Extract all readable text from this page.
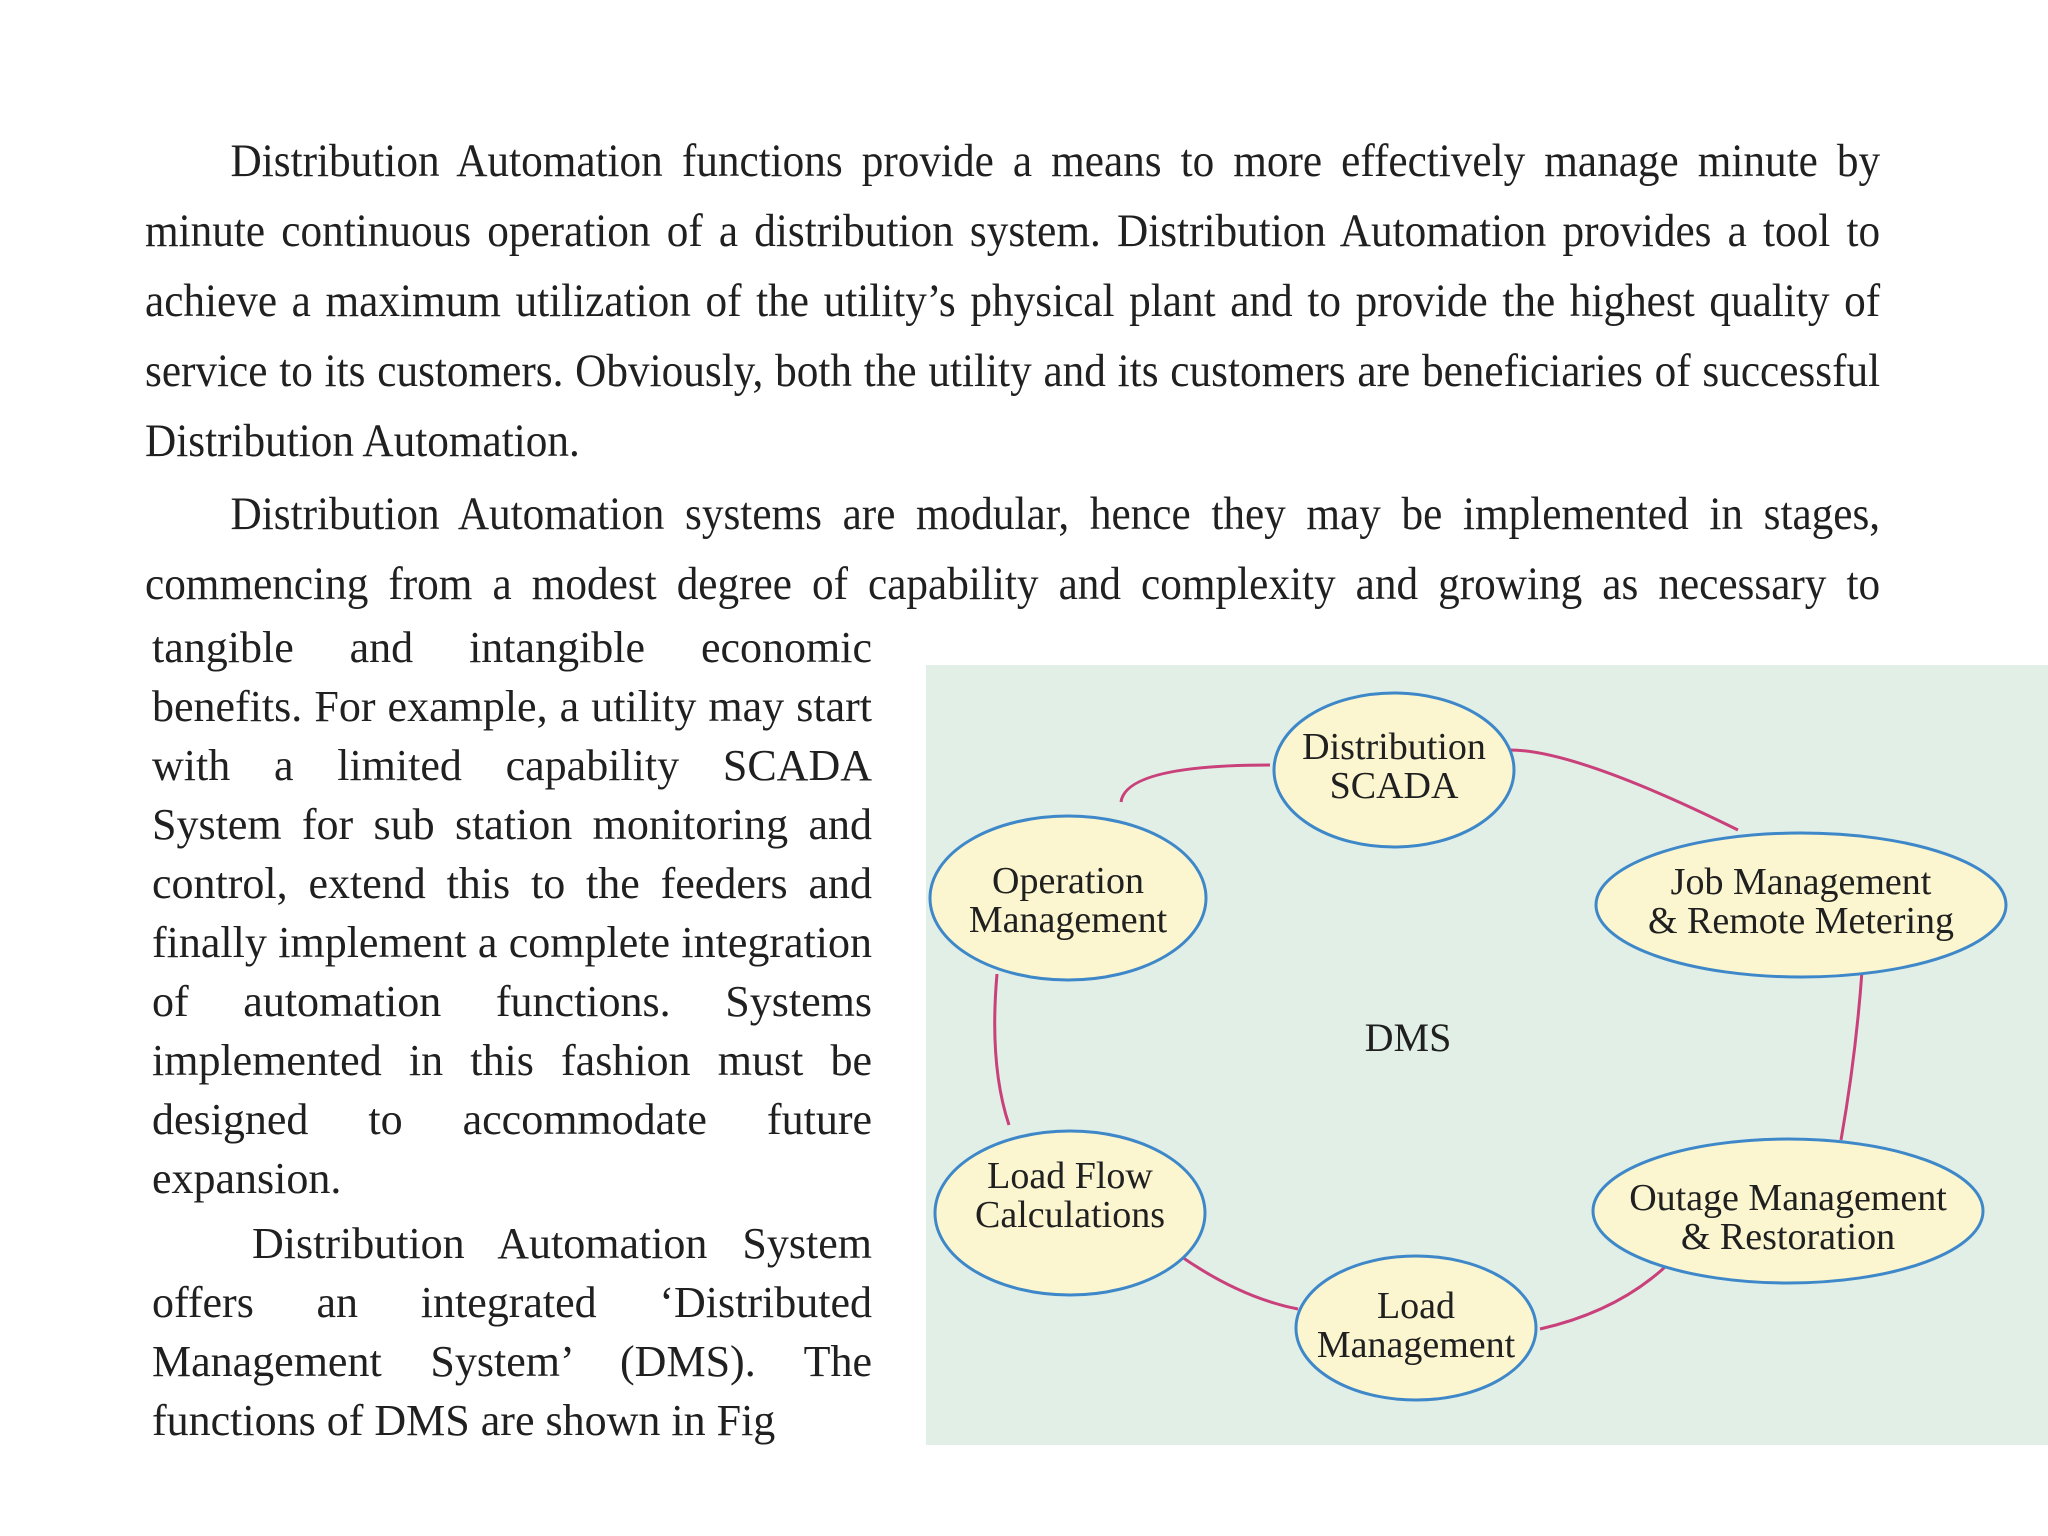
Distribution Automation functions provide a means to more effectively manage minute by minute continuous operation of a distribution system. Distribution Automation provides a tool to achieve a maximum utilization of the utility’s physical plant and to provide the highest quality of service to its customers. Obviously, both the utility and its customers are beneficiaries of successful Distribution Automation.

Distribution Automation systems are modular, hence they may be implemented in stages, commencing from a modest degree of capability and complexity and growing as necessary to

tangible and intangible economic benefits. For example, a utility may start with a limited capability SCADA System for sub station monitoring and control, extend this to the feeders and finally implement a complete integration of automation functions. Systems implemented in this fashion must be designed to accommodate future expansion.
Distribution Automation System offers an integrated ‘Distributed Management System’ (DMS). The functions of DMS are shown in Fig
Distribution
SCADA
Job Management
& Remote Metering
Outage Management
& Restoration
Load
Management
Load Flow
Calculations
Operation
Management
DMS
